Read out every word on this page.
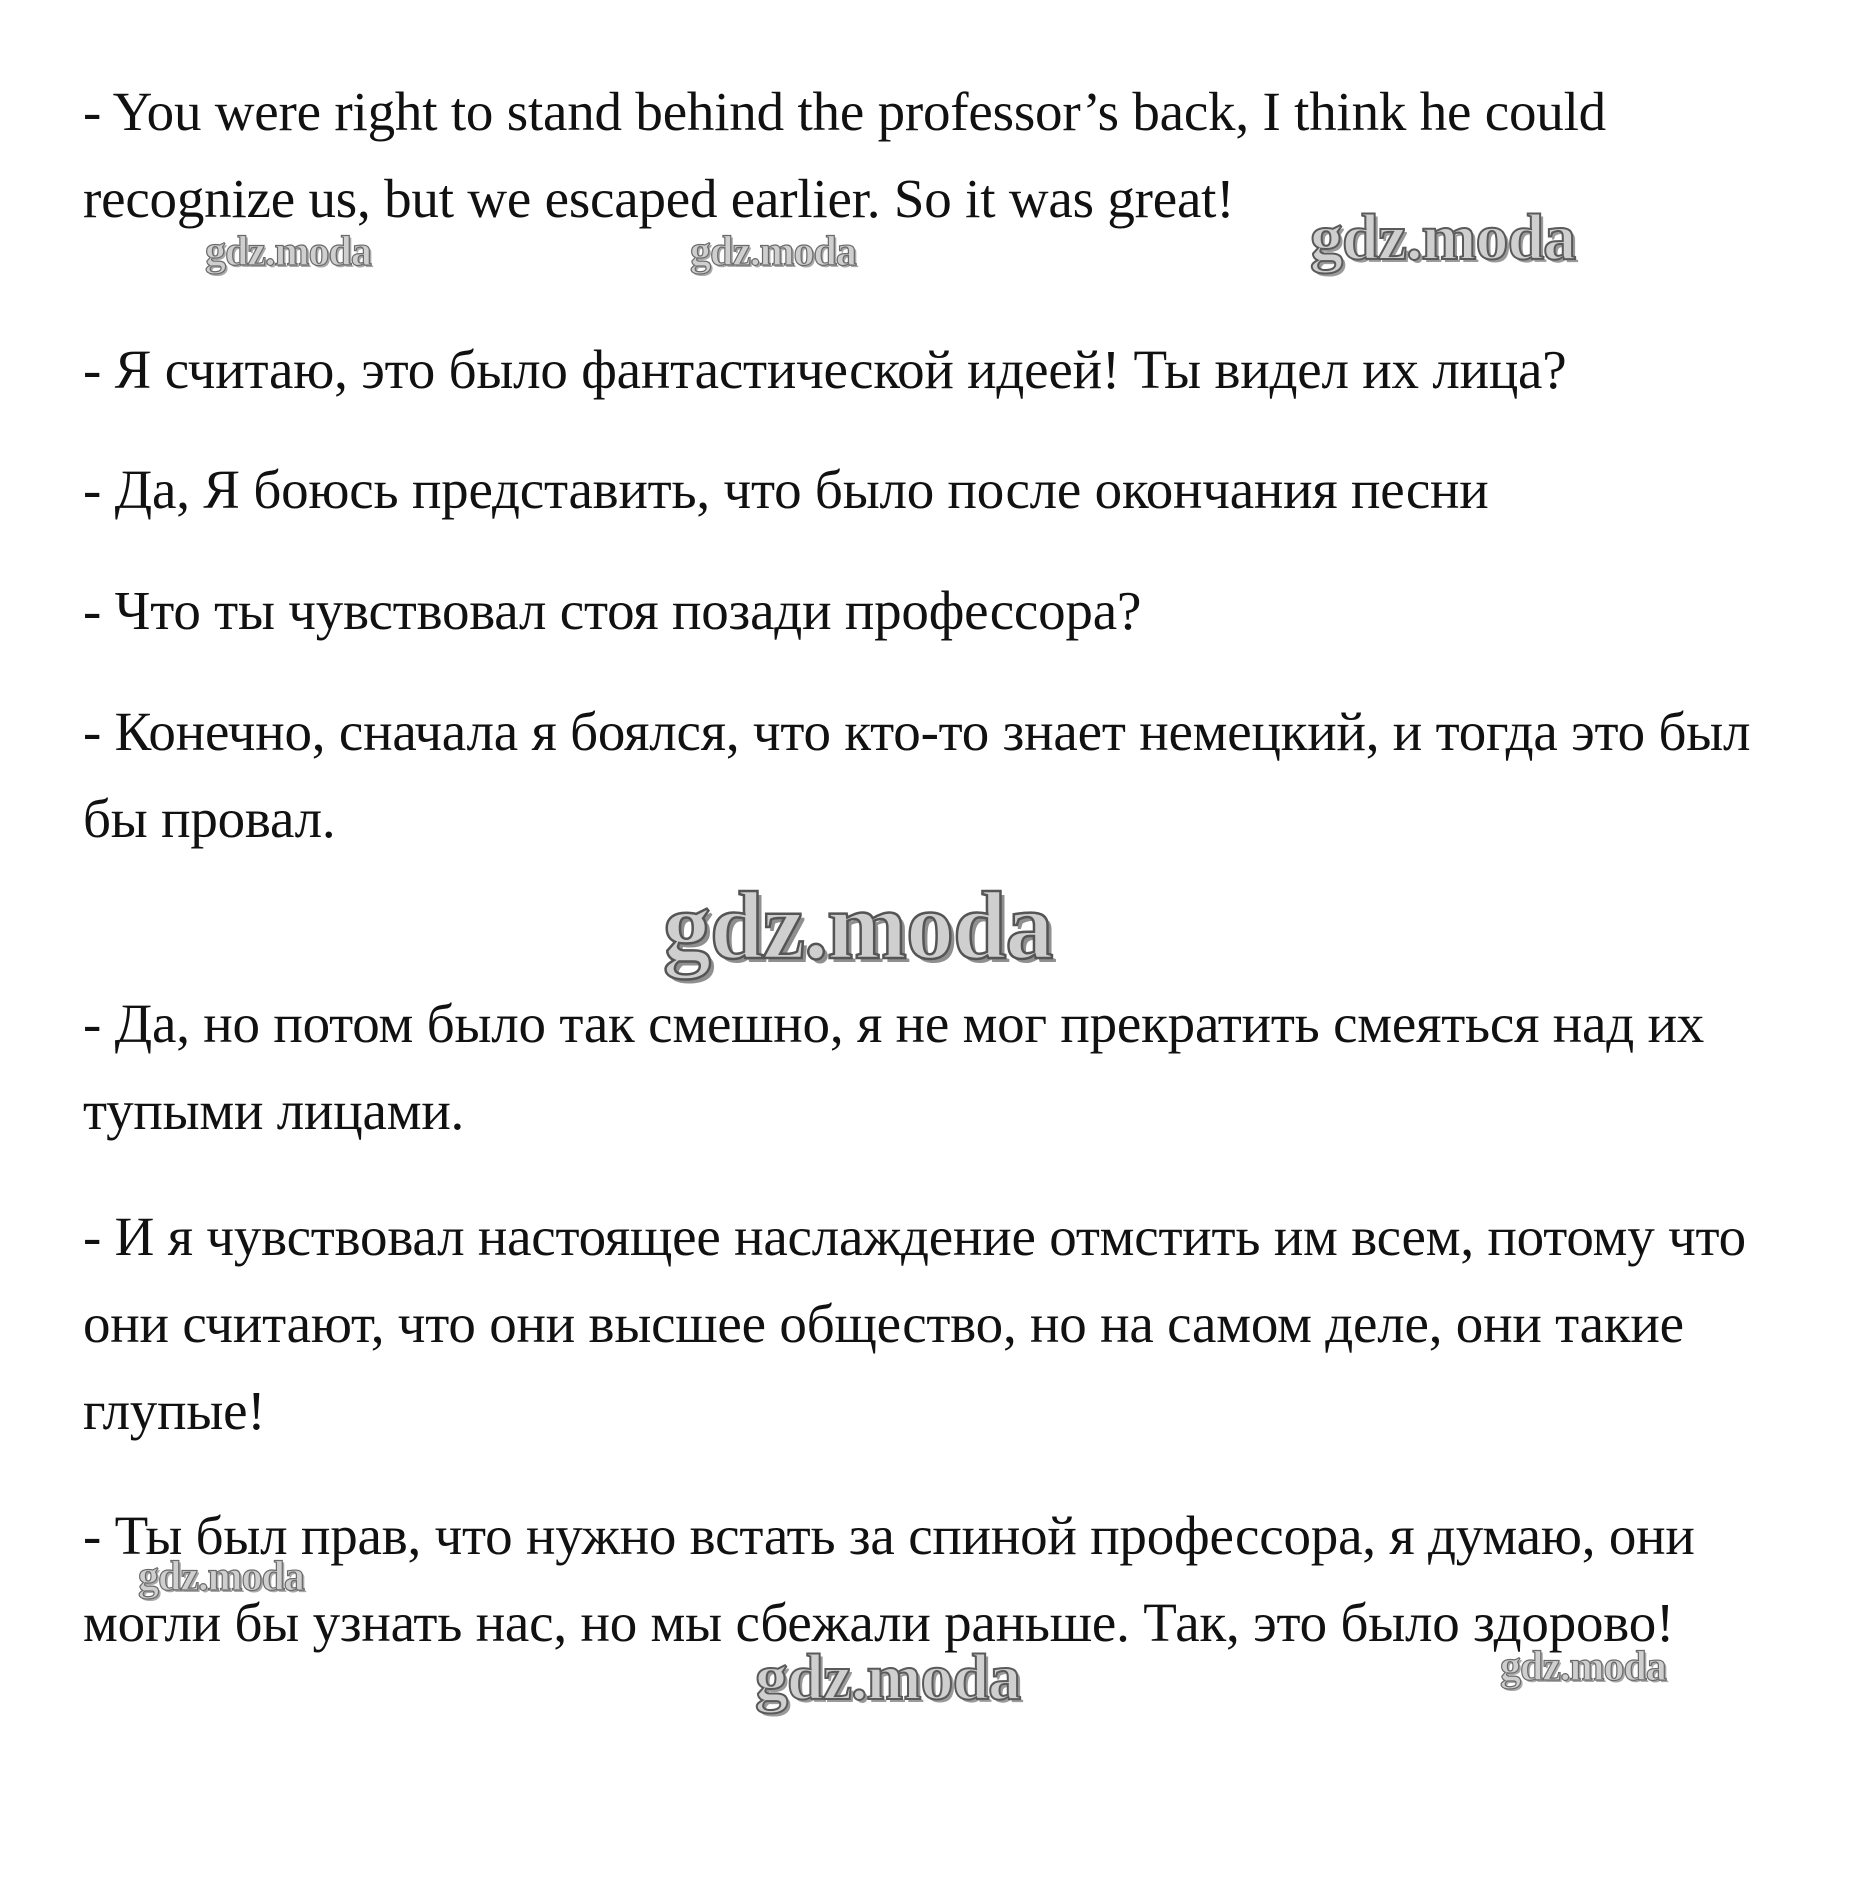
- You were right to stand behind the professor’s back, I think he could recognize us, but we escaped earlier. So it was great!

- Я считаю, это было фантастической идеей! Ты видел их лица?

- Да, Я боюсь представить, что было после окончания песни

- Что ты чувствовал стоя позади профессора?

- Конечно, сначала я боялся, что кто-то знает немецкий, и тогда это был бы провал.

- Да, но потом было так смешно, я не мог прекратить смеяться над их тупыми лицами.

- И я чувствовал настоящее наслаждение отмстить им всем, потому что они считают, что они высшее общество, но на самом деле, они такие глупые!

- Ты был прав, что нужно встать за спиной профессора, я думаю, они могли бы узнать нас, но мы сбежали раньше. Так, это было здорово!

gdz.moda	gdz.moda	gdz.moda
gdz.moda
gdz.moda
gdz.moda	gdz.moda
